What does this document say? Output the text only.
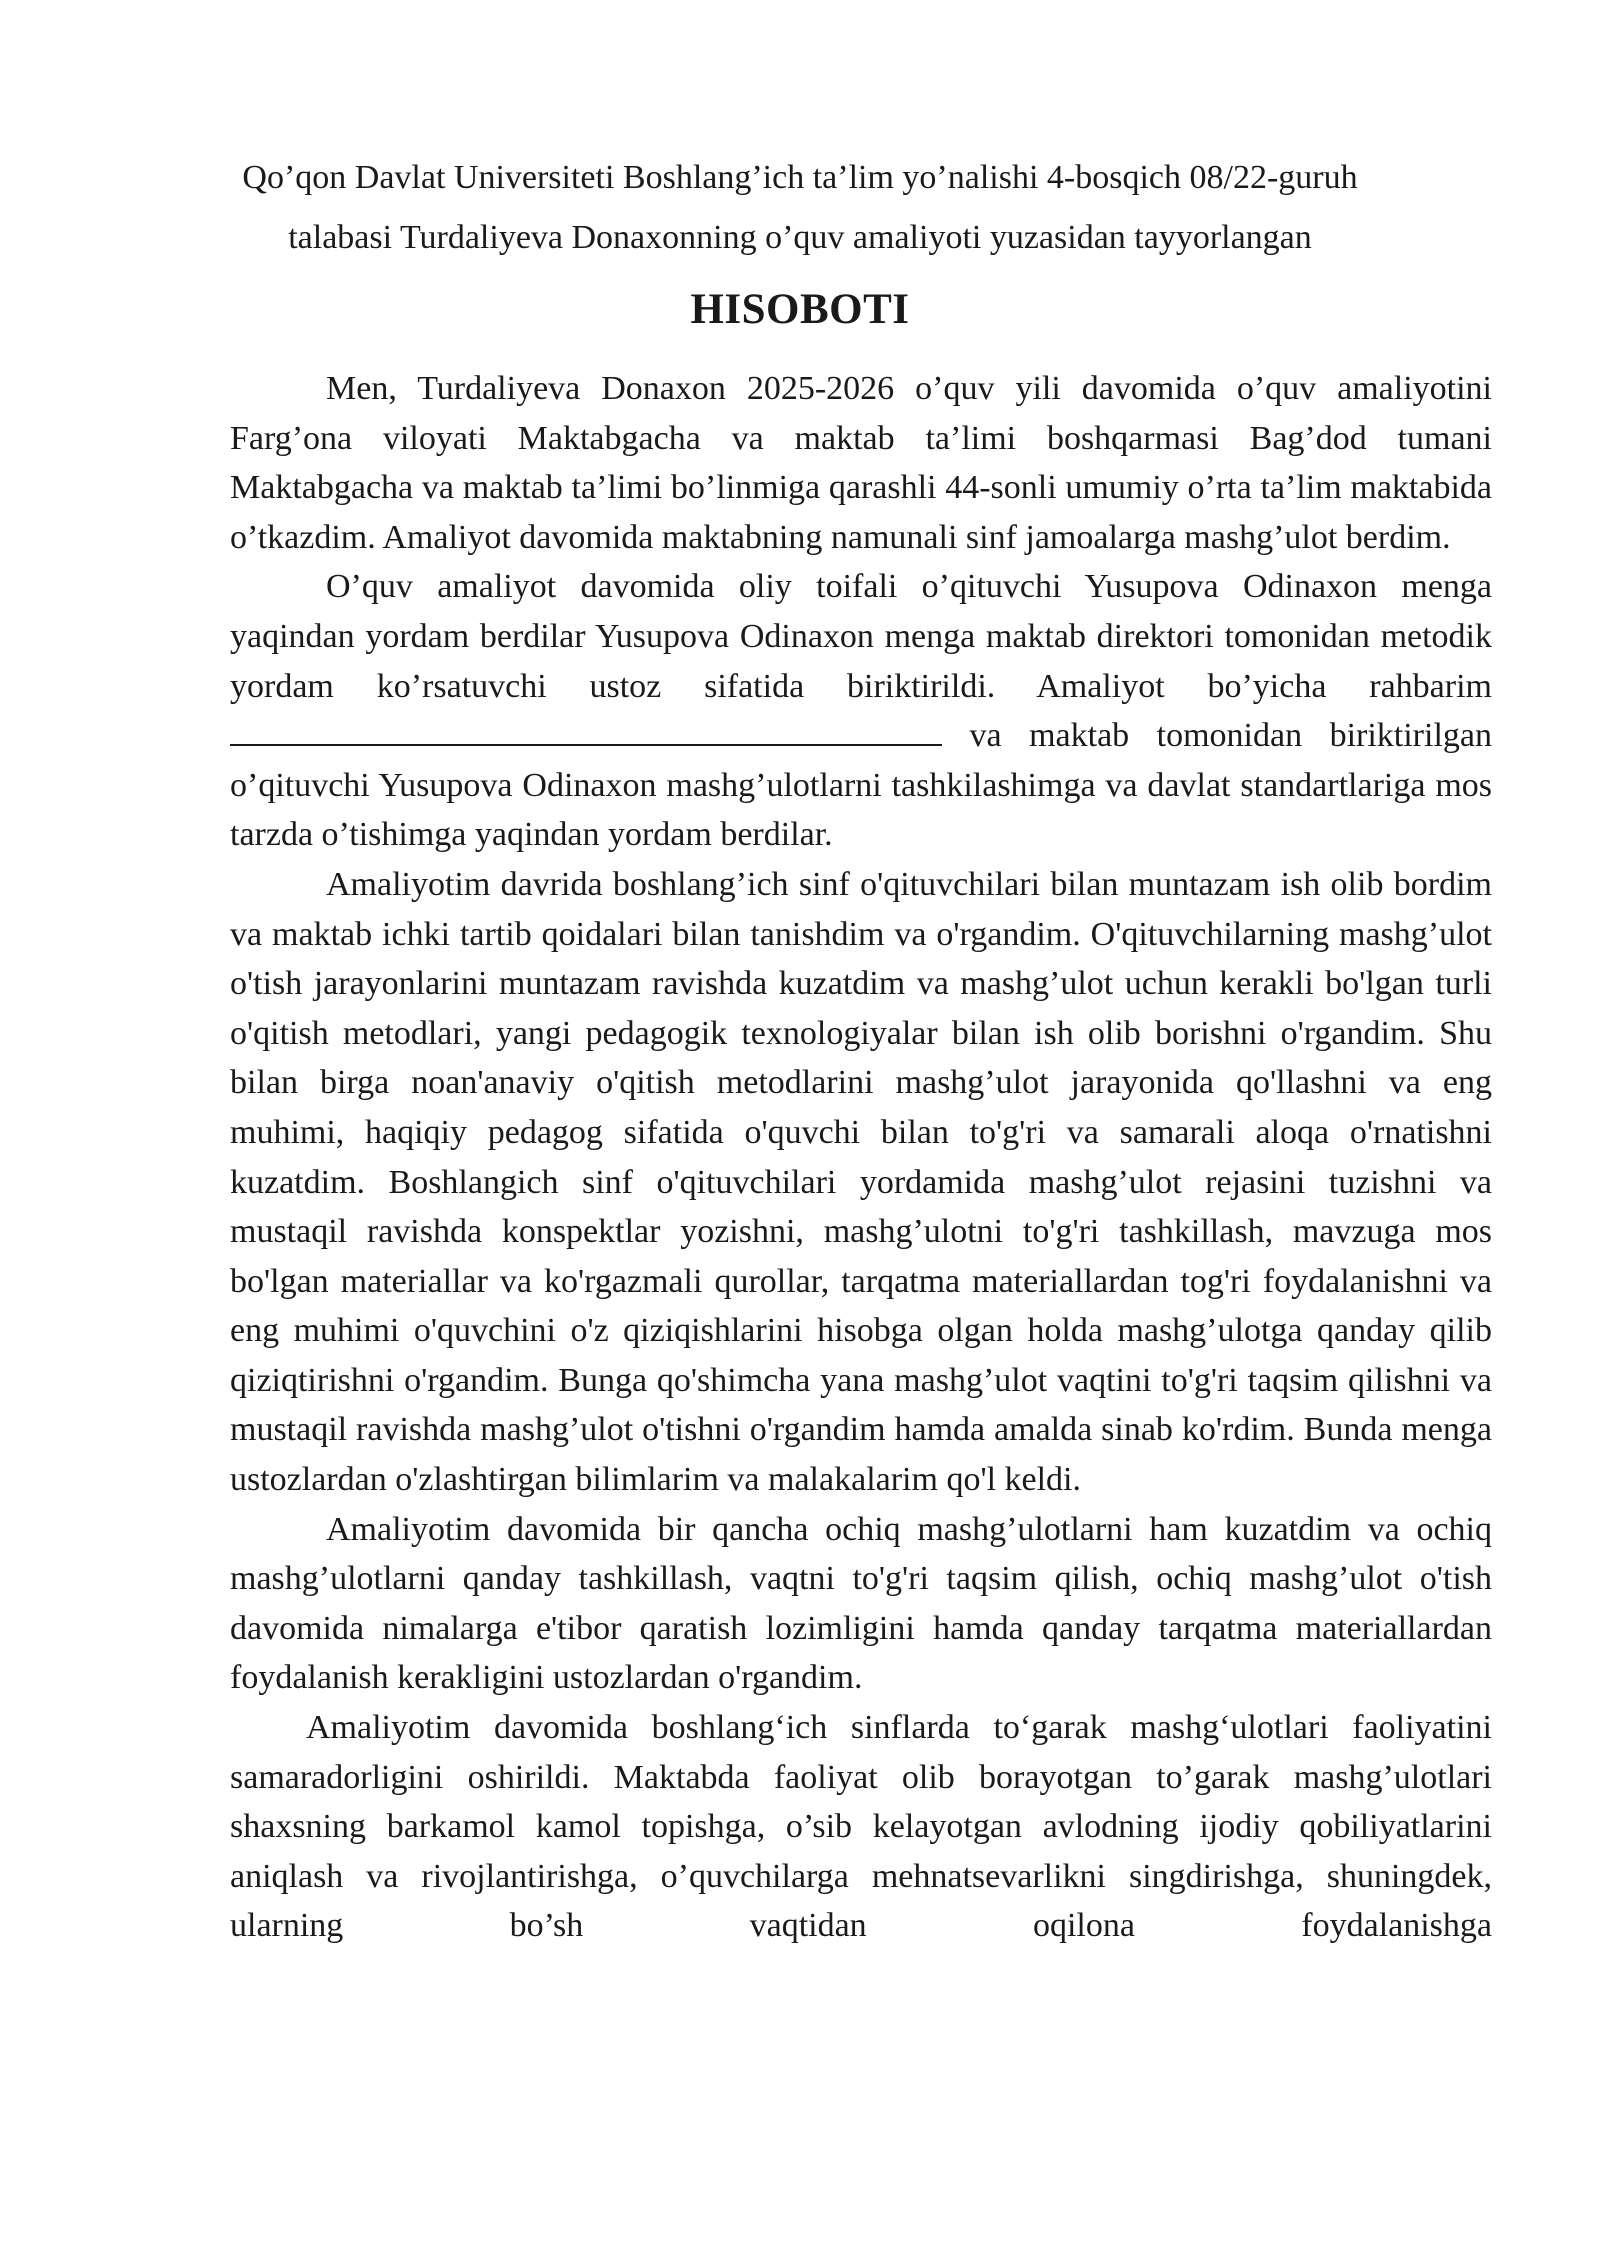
Qo’qon Davlat Universiteti Boshlang’ich ta’lim yo’nalishi 4-bosqich 08/22-guruh
talabasi Turdaliyeva Donaxonning o’quv amaliyoti yuzasidan tayyorlangan
HISOBOTI

Men, Turdaliyeva Donaxon 2025-2026 o’quv yili davomida o’quv amaliyotini Farg’ona viloyati Maktabgacha va maktab ta’limi boshqarmasi Bag’dod tumani Maktabgacha va maktab ta’limi bo’linmiga qarashli 44-sonli umumiy o’rta ta’lim maktabida o’tkazdim. Amaliyot davomida maktabning namunali sinf jamoalarga mashg’ulot berdim.

O’quv amaliyot davomida oliy toifali o’qituvchi Yusupova Odinaxon menga yaqindan yordam berdilar Yusupova Odinaxon menga maktab direktori tomonidan metodik yordam ko’rsatuvchi ustoz sifatida biriktirildi. Amaliyot bo’yicha rahbarim  va maktab tomonidan biriktirilgan o’qituvchi Yusupova Odinaxon mashg’ulotlarni tashkilashimga va davlat standartlariga mos tarzda o’tishimga yaqindan yordam berdilar.

Amaliyotim davrida boshlang’ich sinf o'qituvchilari bilan muntazam ish olib bordim va maktab ichki tartib qoidalari bilan tanishdim va o'rgandim. O'qituvchilarning mashg’ulot o'tish jarayonlarini muntazam ravishda kuzatdim va mashg’ulot uchun kerakli bo'lgan turli o'qitish metodlari, yangi pedagogik texnologiyalar bilan ish olib borishni o'rgandim. Shu bilan birga noan'anaviy o'qitish metodlarini mashg’ulot jarayonida qo'llashni va eng muhimi, haqiqiy pedagog sifatida o'quvchi bilan to'g'ri va samarali aloqa o'rnatishni kuzatdim. Boshlangich sinf o'qituvchilari yordamida mashg’ulot rejasini tuzishni va mustaqil ravishda konspektlar yozishni, mashg’ulotni to'g'ri tashkillash, mavzuga mos bo'lgan materiallar va ko'rgazmali qurollar, tarqatma materiallardan tog'ri foydalanishni va eng muhimi o'quvchini o'z qiziqishlarini hisobga olgan holda mashg’ulotga qanday qilib qiziqtirishni o'rgandim. Bunga qo'shimcha yana mashg’ulot vaqtini to'g'ri taqsim qilishni va mustaqil ravishda mashg’ulot o'tishni o'rgandim hamda amalda sinab ko'rdim. Bunda menga ustozlardan o'zlashtirgan bilimlarim va malakalarim qo'l keldi.

Amaliyotim davomida bir qancha ochiq mashg’ulotlarni ham kuzatdim va ochiq mashg’ulotlarni qanday tashkillash, vaqtni to'g'ri taqsim qilish, ochiq mashg’ulot o'tish davomida nimalarga e'tibor qaratish lozimligini hamda qanday tarqatma materiallardan foydalanish kerakligini ustozlardan o'rgandim.

Amaliyotim davomida boshlang‘ich sinflarda to‘garak mashg‘ulotlari faoliyatini samaradorligini oshirildi. Maktabda faoliyat olib borayotgan to’garak mashg’ulotlari shaxsning barkamol kamol topishga, o’sib kelayotgan avlodning ijodiy qobiliyatlarini aniqlash va rivojlantirishga, o’quvchilarga mehnatsevarlikni singdirishga, shuningdek, ularning bo’sh vaqtidan oqilona foydalanishga
